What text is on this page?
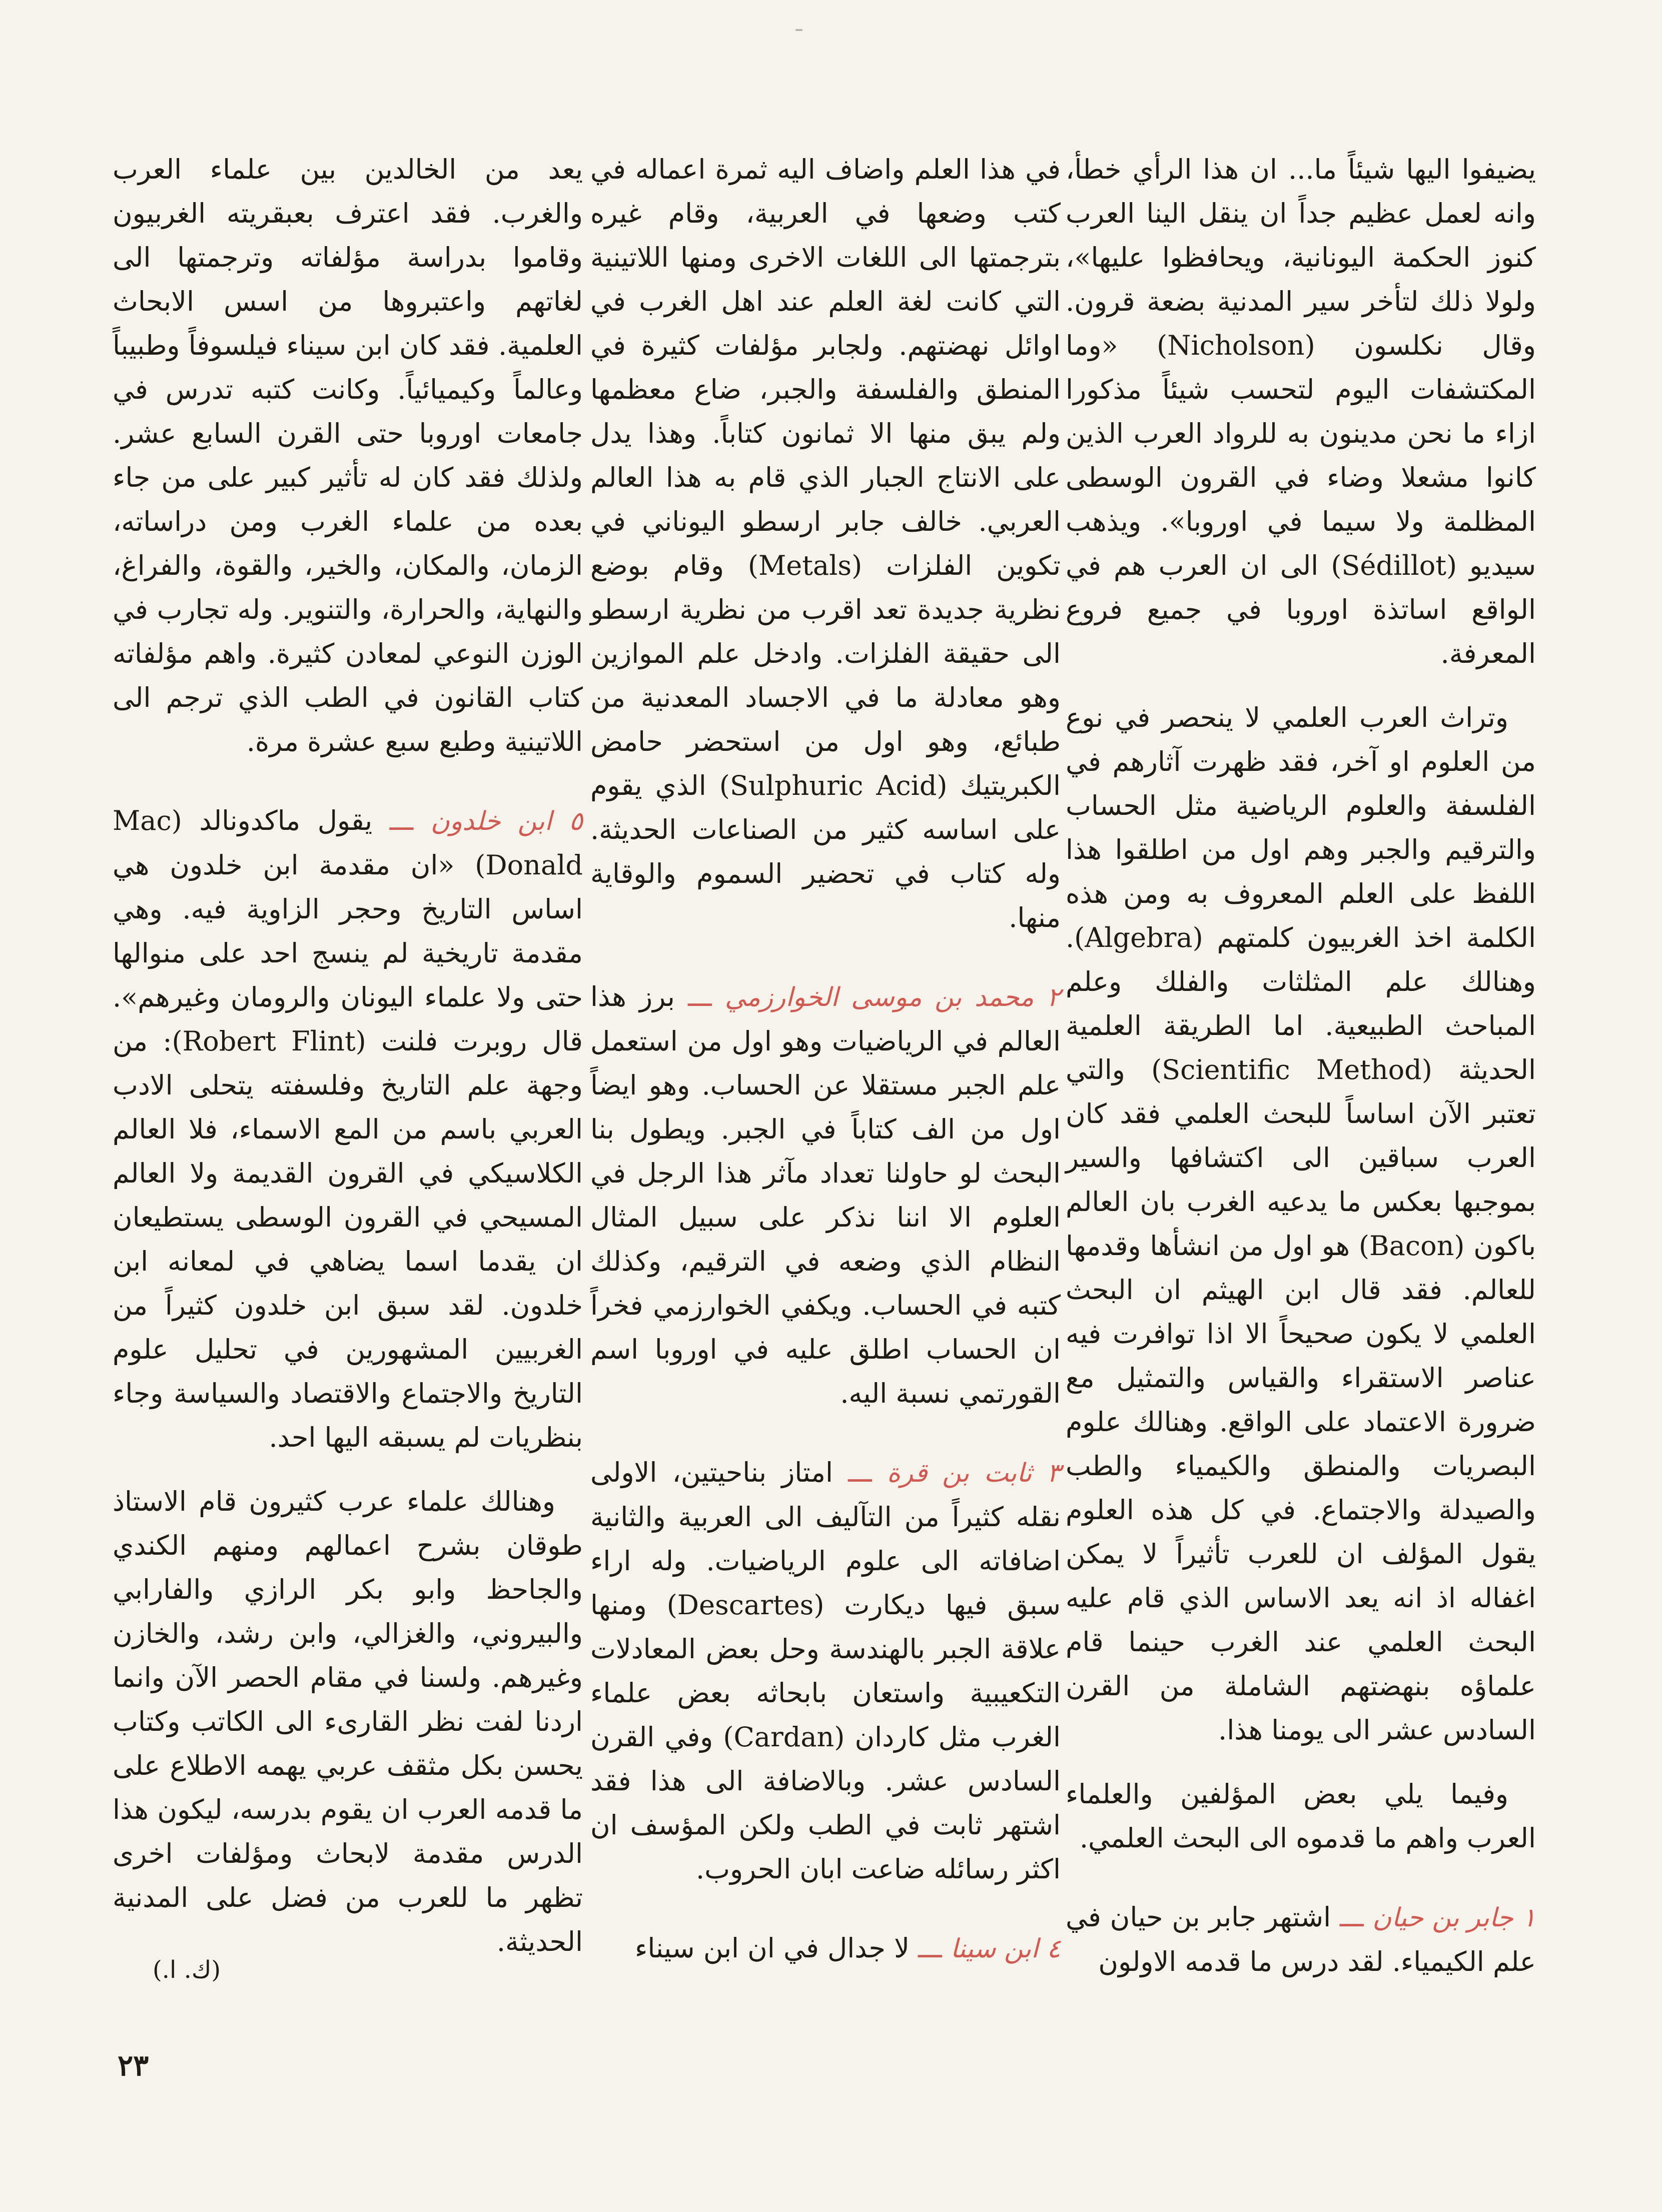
يضيفوا اليها شيئاً ما... ان هذا الرأي خطأ، وانه لعمل عظيم جداً ان ينقل الينا العرب كنوز الحكمة اليونانية، ويحافظوا عليها»، ولولا ذلك لتأخر سير المدنية بضعة قرون. وقال نكلسون (Nicholson) «وما المكتشفات اليوم لتحسب شيئاً مذكورا ازاء ما نحن مدينون به للرواد العرب الذين كانوا مشعلا وضاء في القرون الوسطى المظلمة ولا سيما في اوروبا». ويذهب سيديو (Sédillot) الى ان العرب هم في الواقع اساتذة اوروبا في جميع فروع المعرفة.

وتراث العرب العلمي لا ينحصر في نوع من العلوم او آخر، فقد ظهرت آثارهم في الفلسفة والعلوم الرياضية مثل الحساب والترقيم والجبر وهم اول من اطلقوا هذا اللفظ على العلم المعروف به ومن هذه الكلمة اخذ الغربيون كلمتهم (Algebra). وهنالك علم المثلثات والفلك وعلم المباحث الطبيعية. اما الطريقة العلمية الحديثة (Scientific Method) والتي تعتبر الآن اساساً للبحث العلمي فقد كان العرب سباقين الى اكتشافها والسير بموجبها بعكس ما يدعيه الغرب بان العالم باكون (Bacon) هو اول من انشأها وقدمها للعالم. فقد قال ابن الهيثم ان البحث العلمي لا يكون صحيحاً الا اذا توافرت فيه عناصر الاستقراء والقياس والتمثيل مع ضرورة الاعتماد على الواقع. وهنالك علوم البصريات والمنطق والكيمياء والطب والصيدلة والاجتماع. في كل هذه العلوم يقول المؤلف ان للعرب تأثيراً لا يمكن اغفاله اذ انه يعد الاساس الذي قام عليه البحث العلمي عند الغرب حينما قام علماؤه بنهضتهم الشاملة من القرن السادس عشر الى يومنا هذا.

وفيما يلي بعض المؤلفين والعلماء العرب واهم ما قدموه الى البحث العلمي.

١ جابر بن حيان ـــ اشتهر جابر بن حيان في علم الكيمياء. لقد درس ما قدمه الاولون

في هذا العلم واضاف اليه ثمرة اعماله في كتب وضعها في العربية، وقام غيره بترجمتها الى اللغات الاخرى ومنها اللاتينية التي كانت لغة العلم عند اهل الغرب في اوائل نهضتهم. ولجابر مؤلفات كثيرة في المنطق والفلسفة والجبر، ضاع معظمها ولم يبق منها الا ثمانون كتاباً. وهذا يدل على الانتاج الجبار الذي قام به هذا العالم العربي. خالف جابر ارسطو اليوناني في تكوين الفلزات (Metals) وقام بوضع نظرية جديدة تعد اقرب من نظرية ارسطو الى حقيقة الفلزات. وادخل علم الموازين وهو معادلة ما في الاجساد المعدنية من طبائع، وهو اول من استحضر حامض الكبريتيك (Sulphuric Acid) الذي يقوم على اساسه كثير من الصناعات الحديثة. وله كتاب في تحضير السموم والوقاية منها.

٢ محمد بن موسى الخوارزمي ـــ برز هذا العالم في الرياضيات وهو اول من استعمل علم الجبر مستقلا عن الحساب. وهو ايضاً اول من الف كتاباً في الجبر. ويطول بنا البحث لو حاولنا تعداد مآثر هذا الرجل في العلوم الا اننا نذكر على سبيل المثال النظام الذي وضعه في الترقيم، وكذلك كتبه في الحساب. ويكفي الخوارزمي فخراً ان الحساب اطلق عليه في اوروبا اسم القورتمي نسبة اليه.

٣ ثابت بن قرة ـــ امتاز بناحيتين، الاولى نقله كثيراً من التآليف الى العربية والثانية اضافاته الى علوم الرياضيات. وله اراء سبق فيها ديكارت (Descartes) ومنها علاقة الجبر بالهندسة وحل بعض المعادلات التكعيبية واستعان بابحاثه بعض علماء الغرب مثل كاردان (Cardan) وفي القرن السادس عشر. وبالاضافة الى هذا فقد اشتهر ثابت في الطب ولكن المؤسف ان اكثر رسائله ضاعت ابان الحروب.

٤ ابن سينا ـــ لا جدال في ان ابن سيناء

يعد من الخالدين بين علماء العرب والغرب. فقد اعترف بعبقريته الغربيون وقاموا بدراسة مؤلفاته وترجمتها الى لغاتهم واعتبروها من اسس الابحاث العلمية. فقد كان ابن سيناء فيلسوفاً وطبيباً وعالماً وكيميائياً. وكانت كتبه تدرس في جامعات اوروبا حتى القرن السابع عشر. ولذلك فقد كان له تأثير كبير على من جاء بعده من علماء الغرب ومن دراساته، الزمان، والمكان، والخير، والقوة، والفراغ، والنهاية، والحرارة، والتنوير. وله تجارب في الوزن النوعي لمعادن كثيرة. واهم مؤلفاته كتاب القانون في الطب الذي ترجم الى اللاتينية وطبع سبع عشرة مرة.

٥ ابن خلدون ـــ يقول ماكدونالد (Mac Donald) «ان مقدمة ابن خلدون هي اساس التاريخ وحجر الزاوية فيه. وهي مقدمة تاريخية لم ينسج احد على منوالها حتى ولا علماء اليونان والرومان وغيرهم». قال روبرت فلنت (Robert Flint): من وجهة علم التاريخ وفلسفته يتحلى الادب العربي باسم من المع الاسماء، فلا العالم الكلاسيكي في القرون القديمة ولا العالم المسيحي في القرون الوسطى يستطيعان ان يقدما اسما يضاهي في لمعانه ابن خلدون. لقد سبق ابن خلدون كثيراً من الغربيين المشهورين في تحليل علوم التاريخ والاجتماع والاقتصاد والسياسة وجاء بنظريات لم يسبقه اليها احد.

وهنالك علماء عرب كثيرون قام الاستاذ طوقان بشرح اعمالهم ومنهم الكندي والجاحظ وابو بكر الرازي والفارابي والبيروني، والغزالي، وابن رشد، والخازن وغيرهم. ولسنا في مقام الحصر الآن وانما اردنا لفت نظر القارىء الى الكاتب وكتاب يحسن بكل مثقف عربي يهمه الاطلاع على ما قدمه العرب ان يقوم بدرسه، ليكون هذا الدرس مقدمة لابحاث ومؤلفات اخرى تظهر ما للعرب من فضل على المدنية الحديثة.

(ك. ا.)
٢٣
